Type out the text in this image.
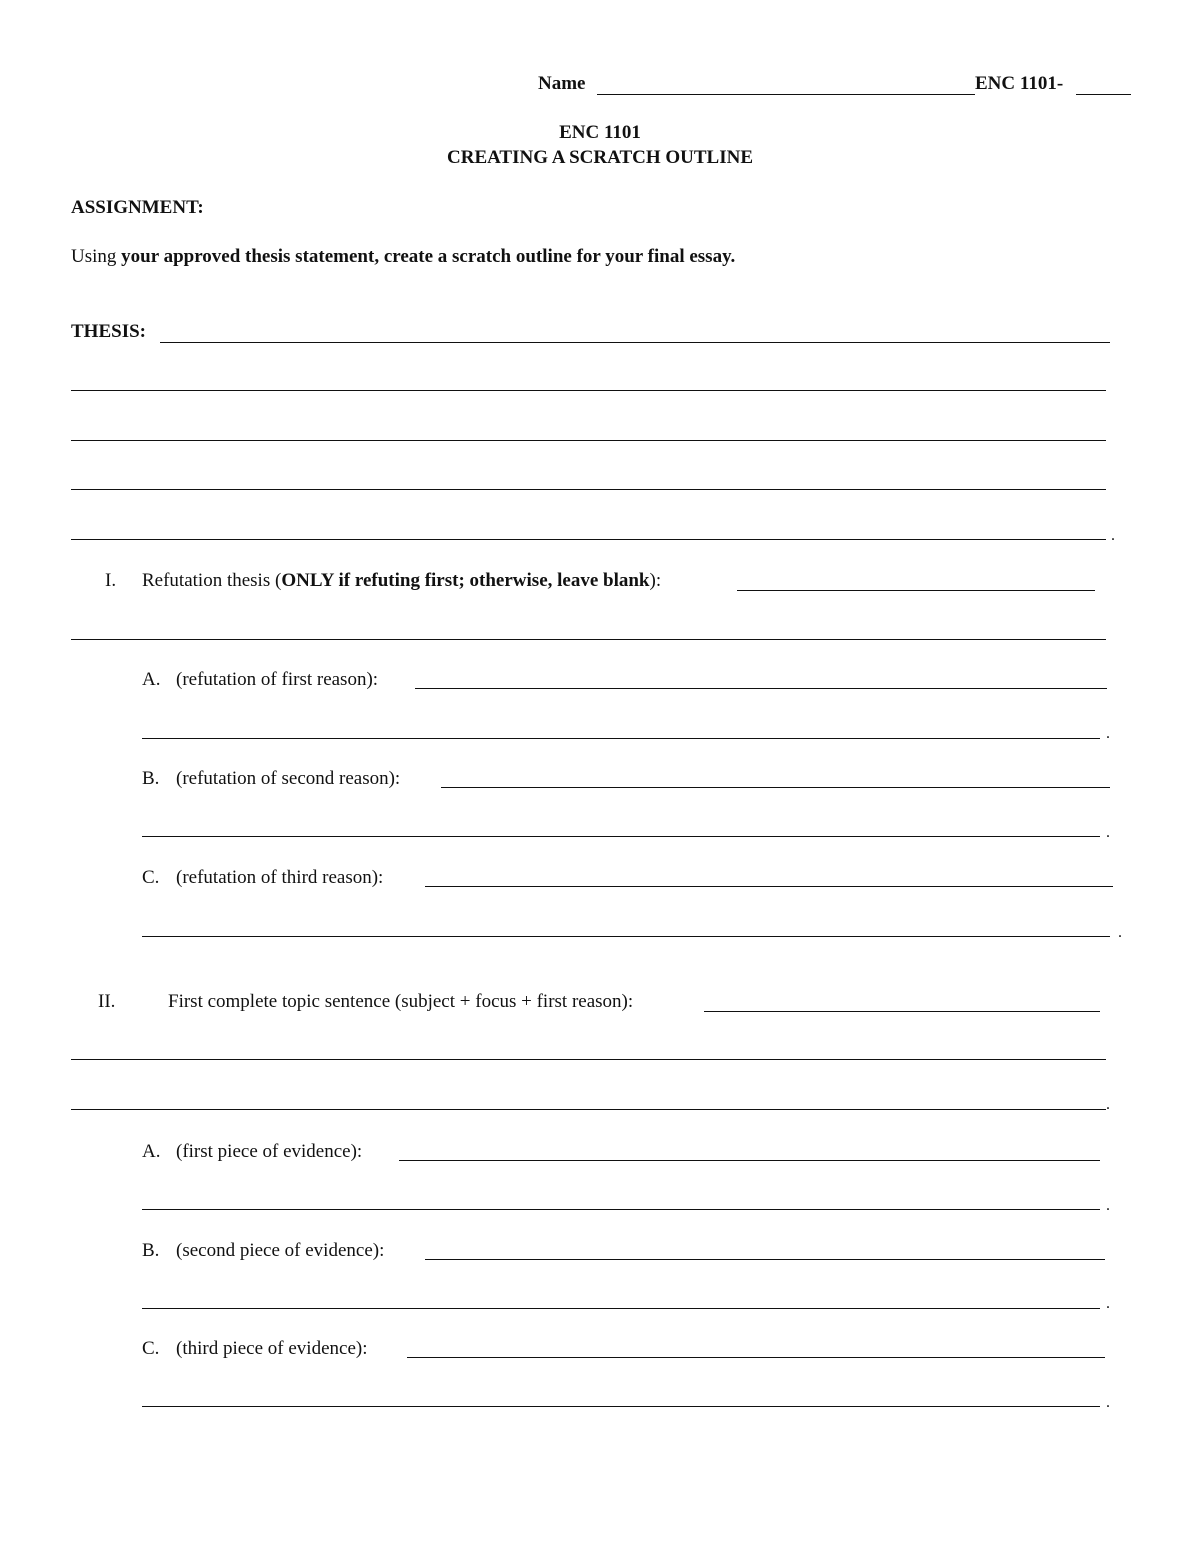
Name	ENC 1101-
ENC 1101
CREATING A SCRATCH OUTLINE
ASSIGNMENT:
Using your approved thesis statement, create a scratch outline for your final essay.
THESIS:
.
I. Refutation thesis (ONLY if refuting first; otherwise, leave blank):
A. (refutation of first reason):
.
B. (refutation of second reason):
.
C. (refutation of third reason):
.
II.	First complete topic sentence (subject + focus + first reason):
.
A. (first piece of evidence):
.
B. (second piece of evidence):
.
C. (third piece of evidence):
.
